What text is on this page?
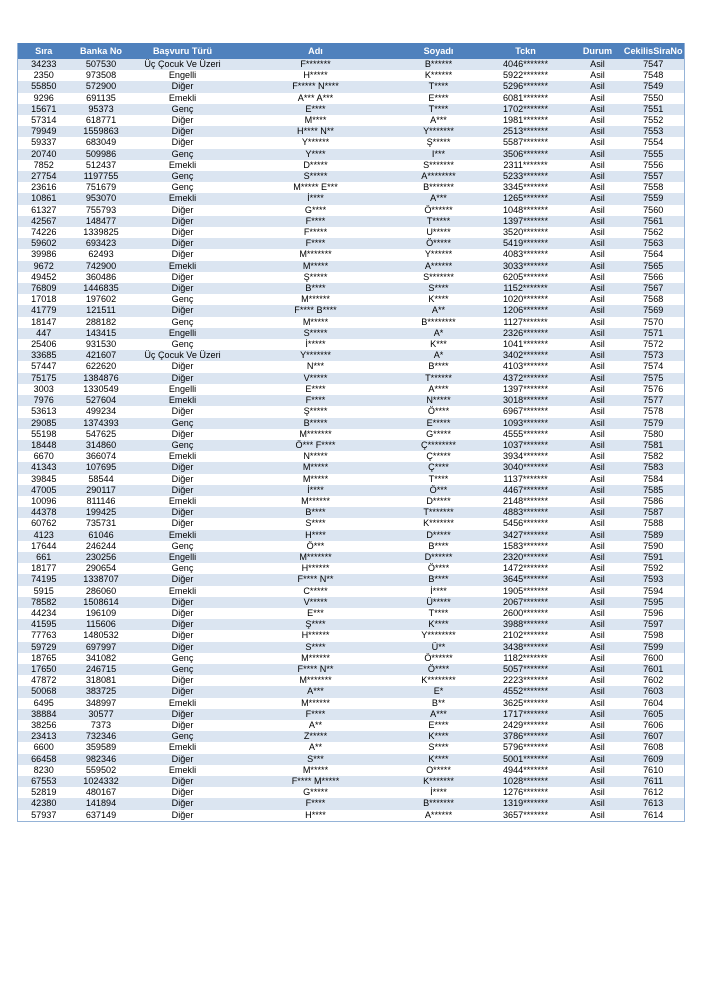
Sıra	Banka No	Başvuru Türü	Adı	Soyadı	Tckn	Durum	CekilisSiraNo
34233	507530	Üç Çocuk Ve Üzeri	F*******	B******	4046*******	Asil	7547
2350	973508	Engelli	H*****	K******	5922*******	Asil	7548
55850	572900	Diğer	F***** N****	T****	5296*******	Asil	7549
9296	691135	Emekli	A*** A***	E****	6081*******	Asil	7550
15671	95373	Genç	E****	T****	1702*******	Asil	7551
57314	618771	Diğer	M****	A***	1981*******	Asil	7552
79949	1559863	Diğer	H**** N**	Y*******	2513*******	Asil	7553
59337	683049	Diğer	Y******	Ş*****	5587*******	Asil	7554
20740	509986	Genç	Y****	I***	3506*******	Asil	7555
7852	512437	Emekli	D*****	S*******	2311*******	Asil	7556
27754	1197755	Genç	S*****	A********	5233*******	Asil	7557
23616	751679	Genç	M***** E***	B*******	3345*******	Asil	7558
10861	953070	Emekli	İ****	A***	1265*******	Asil	7559
61327	755793	Diğer	G****	Ö******	1048*******	Asil	7560
42567	148477	Diğer	F****	T*****	1397*******	Asil	7561
74226	1339825	Diğer	F*****	U*****	3520*******	Asil	7562
59602	693423	Diğer	F****	Ö*****	5419*******	Asil	7563
39986	62493	Diğer	M*******	Y******	4083*******	Asil	7564
9672	742900	Emekli	M*****	A******	3033*******	Asil	7565
49452	360486	Diğer	Ş*****	S*******	6205*******	Asil	7566
76809	1446835	Diğer	B****	S****	1152*******	Asil	7567
17018	197602	Genç	M******	K****	1020*******	Asil	7568
41779	121511	Diğer	F**** B****	A**	1206*******	Asil	7569
18147	288182	Genç	M*****	B********	1127*******	Asil	7570
447	143415	Engelli	S*****	A*	2326*******	Asil	7571
25406	931530	Genç	İ*****	K***	1041*******	Asil	7572
33685	421607	Üç Çocuk Ve Üzeri	Y*******	A*	3402*******	Asil	7573
57447	622620	Diğer	N***	B****	4103*******	Asil	7574
75175	1384876	Diğer	V*****	T******	4372*******	Asil	7575
3003	1330549	Engelli	E****	A****	1397*******	Asil	7576
7976	527604	Emekli	F****	N*****	3018*******	Asil	7577
53613	499234	Diğer	Ş*****	Ö****	6967*******	Asil	7578
29085	1374393	Genç	B*****	E*****	1093*******	Asil	7579
55198	547625	Diğer	M*******	G*****	4555*******	Asil	7580
18448	314860	Genç	Ö*** F****	Ç********	1037*******	Asil	7581
6670	366074	Emekli	N*****	Ç*****	3934*******	Asil	7582
41343	107695	Diğer	M*****	Ç****	3040*******	Asil	7583
39845	58544	Diğer	M*****	T****	1137*******	Asil	7584
47005	290117	Diğer	İ****	Ö***	4467*******	Asil	7585
10096	811146	Emekli	M******	D*****	2148*******	Asil	7586
44378	199425	Diğer	B****	T*******	4883*******	Asil	7587
60762	735731	Diğer	S****	K*******	5456*******	Asil	7588
4123	61046	Emekli	H****	D*****	3427*******	Asil	7589
17644	246244	Genç	Ö***	B****	1583*******	Asil	7590
661	230256	Engelli	M*******	D******	2320*******	Asil	7591
18177	290654	Genç	H******	Ö****	1472*******	Asil	7592
74195	1338707	Diğer	F**** N**	B****	3645*******	Asil	7593
5915	286060	Emekli	C*****	İ****	1905*******	Asil	7594
78582	1508614	Diğer	V*****	Ü*****	2067*******	Asil	7595
44234	196109	Diğer	E***	T****	2600*******	Asil	7596
41595	115606	Diğer	Ş****	K****	3988*******	Asil	7597
77763	1480532	Diğer	H******	Y********	2102*******	Asil	7598
59729	697997	Diğer	S****	Ü**	3438*******	Asil	7599
18765	341082	Genç	M******	Ö******	1182*******	Asil	7600
17650	246715	Genç	F**** N**	Ö****	5057*******	Asil	7601
47872	318081	Diğer	M*******	K********	2223*******	Asil	7602
50068	383725	Diğer	A***	E*	4552*******	Asil	7603
6495	348997	Emekli	M******	B**	3625*******	Asil	7604
38884	30577	Diğer	F****	A***	1717*******	Asil	7605
38256	7373	Diğer	A**	E****	2429*******	Asil	7606
23413	732346	Genç	Z*****	K****	3786*******	Asil	7607
6600	359589	Emekli	A**	S****	5796*******	Asil	7608
66458	982346	Diğer	S***	K****	5001*******	Asil	7609
8230	559502	Emekli	M*****	O*****	4944*******	Asil	7610
67553	1024332	Diğer	F**** M*****	K*******	1028*******	Asil	7611
52819	480167	Diğer	G*****	İ****	1276*******	Asil	7612
42380	141894	Diğer	F****	B*******	1319*******	Asil	7613
57937	637149	Diğer	H****	A******	3657*******	Asil	7614
